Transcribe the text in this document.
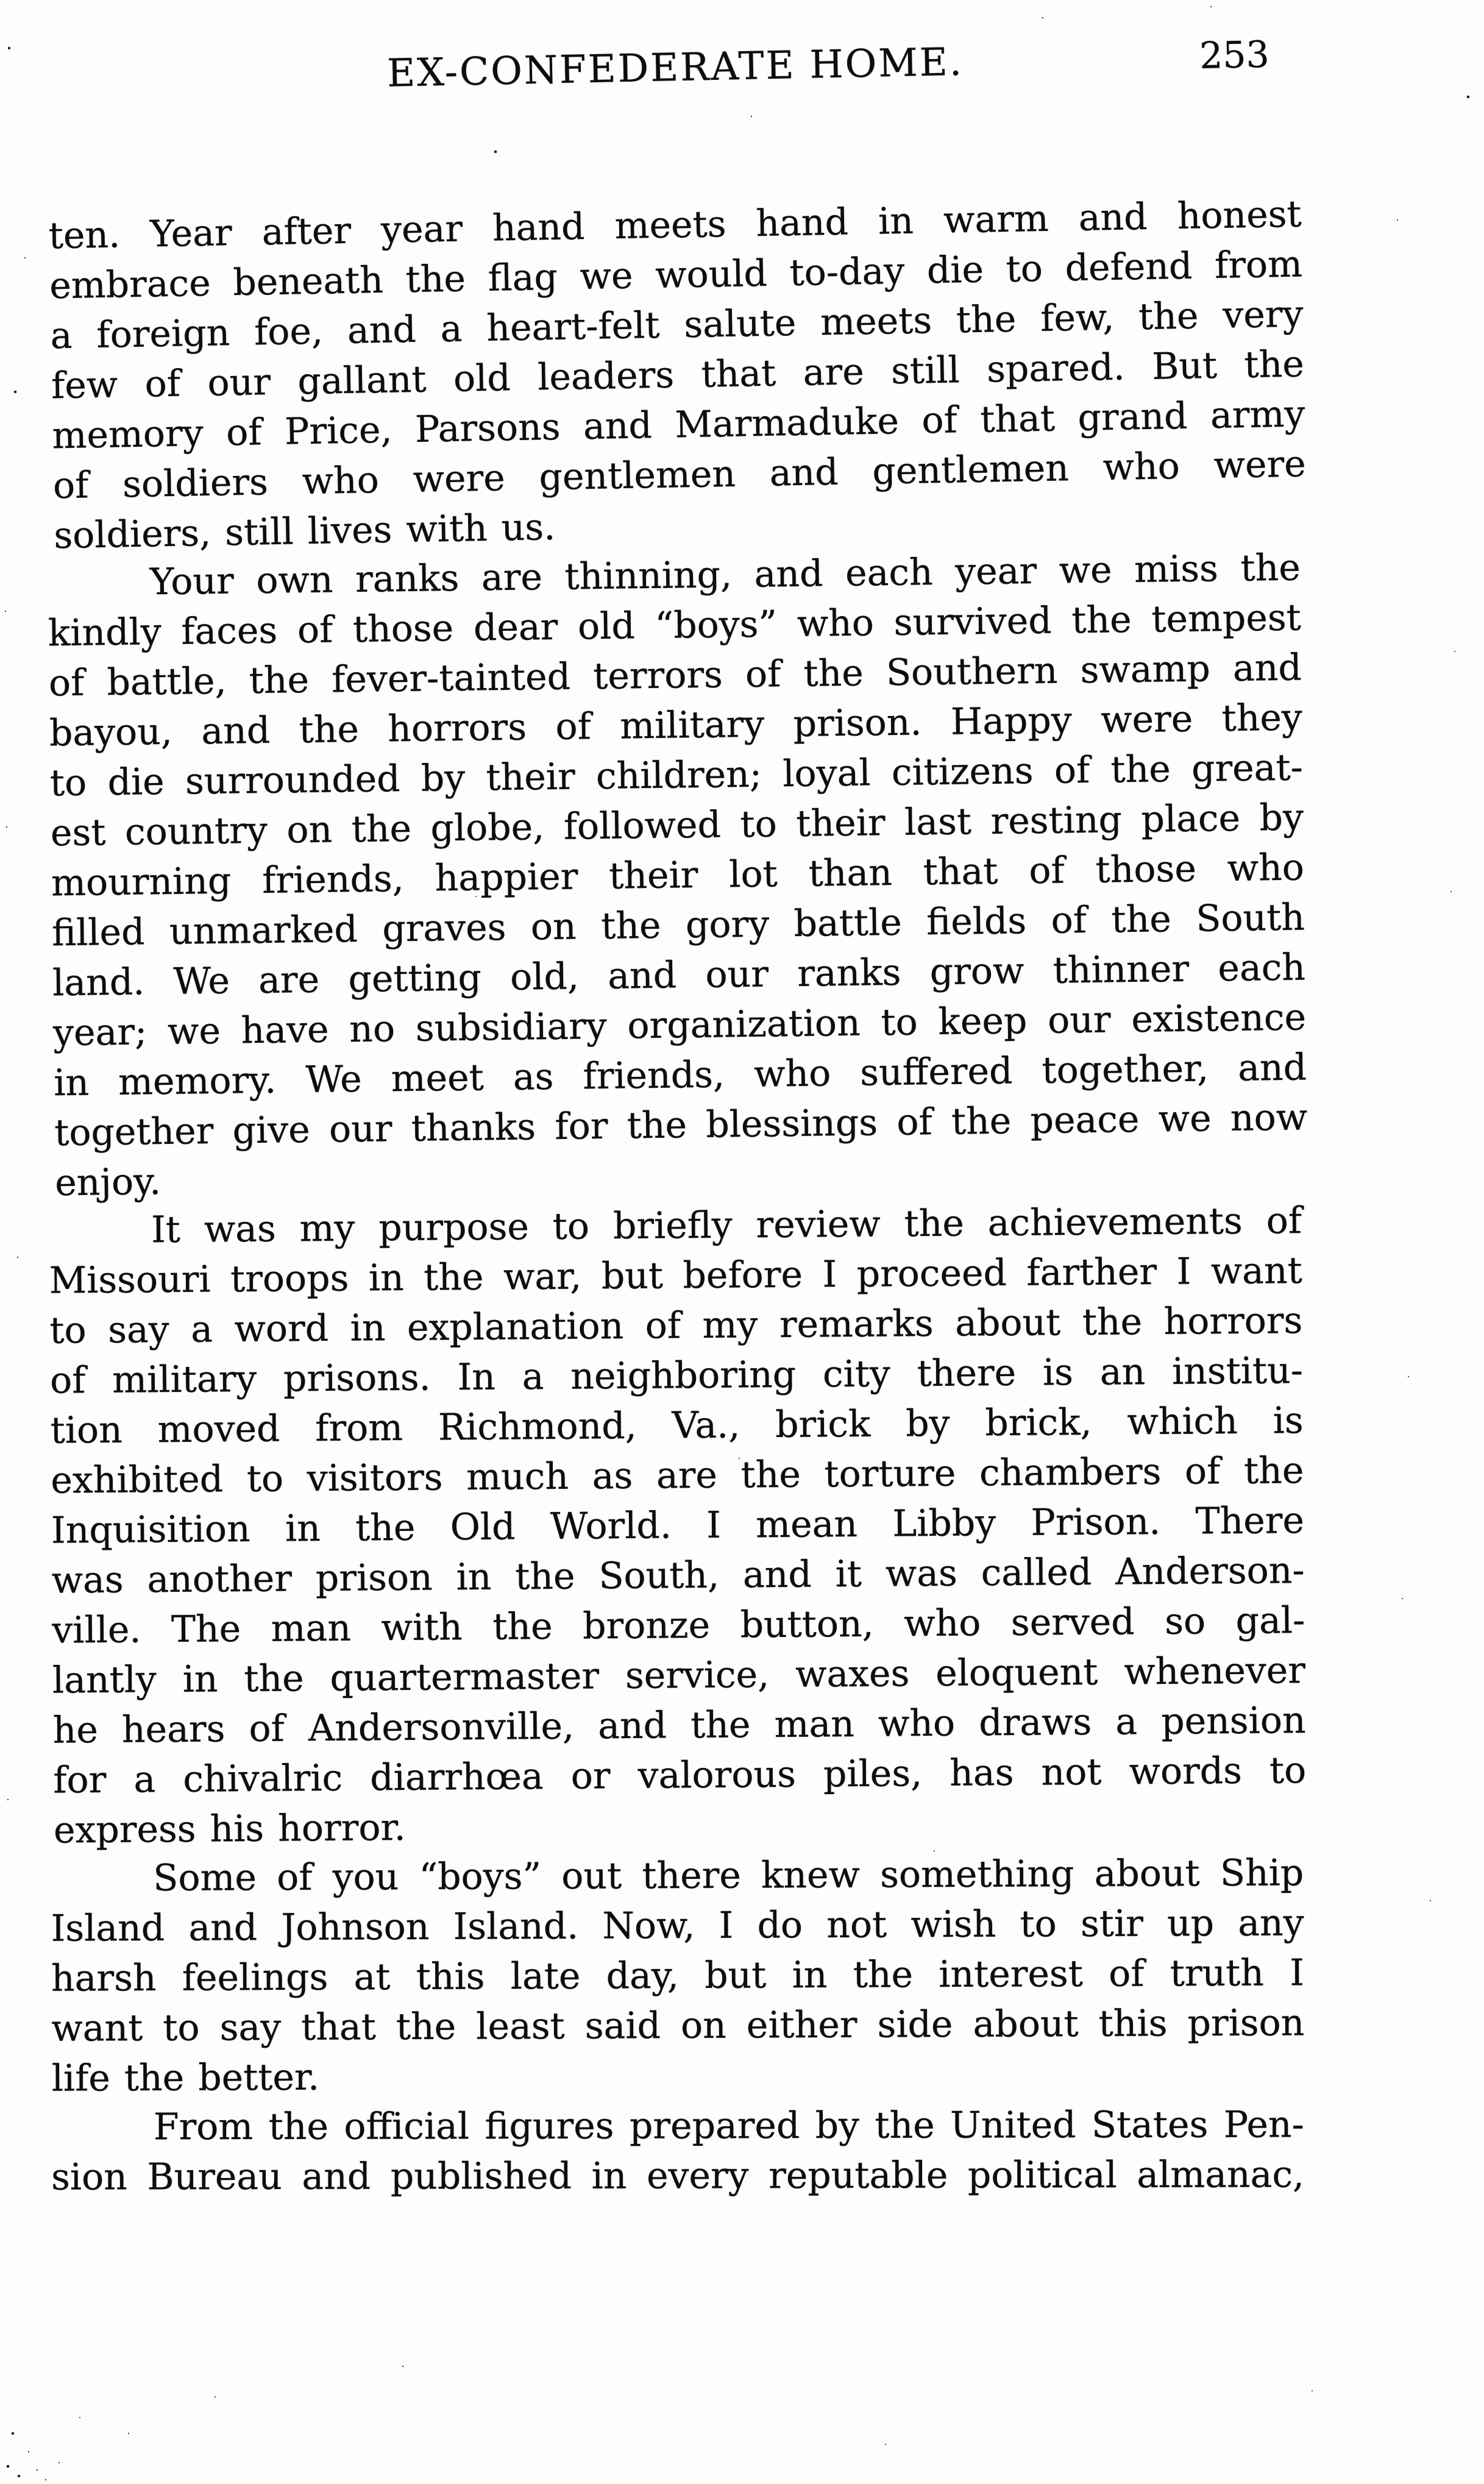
EX-CONFEDERATE HOME.	253

ten. Year after year hand meets hand in warm and honest
embrace beneath the flag we would to-day die to defend from
a foreign foe, and a heart-felt salute meets the few, the very
few of our gallant old leaders that are still spared. But the
memory of Price, Parsons and Marmaduke of that grand army
of soldiers who were gentlemen and gentlemen who were
soldiers, still lives with us.

Your own ranks are thinning, and each year we miss the
kindly faces of those dear old “boys” who survived the tempest
of battle, the fever-tainted terrors of the Southern swamp and
bayou, and the horrors of military prison. Happy were they
to die surrounded by their children; loyal citizens of the great-
est country on the globe, followed to their last resting place by
mourning friends, happier their lot than that of those who
filled unmarked graves on the gory battle fields of the South
land. We are getting old, and our ranks grow thinner each
year; we have no subsidiary organization to keep our existence
in memory. We meet as friends, who suffered together, and
together give our thanks for the blessings of the peace we now
enjoy.

It was my purpose to briefly review the achievements of
Missouri troops in the war, but before I proceed farther I want
to say a word in explanation of my remarks about the horrors
of military prisons. In a neighboring city there is an institu-
tion moved from Richmond, Va., brick by brick, which is
exhibited to visitors much as are the torture chambers of the
Inquisition in the Old World. I mean Libby Prison. There
was another prison in the South, and it was called Anderson-
ville. The man with the bronze button, who served so gal-
lantly in the quartermaster service, waxes eloquent whenever
he hears of Andersonville, and the man who draws a pension
for a chivalric diarrhœa or valorous piles, has not words to
express his horror.

Some of you “boys” out there knew something about Ship
Island and Johnson Island. Now, I do not wish to stir up any
harsh feelings at this late day, but in the interest of truth I
want to say that the least said on either side about this prison
life the better.

From the official figures prepared by the United States Pen-
sion Bureau and published in every reputable political almanac,
